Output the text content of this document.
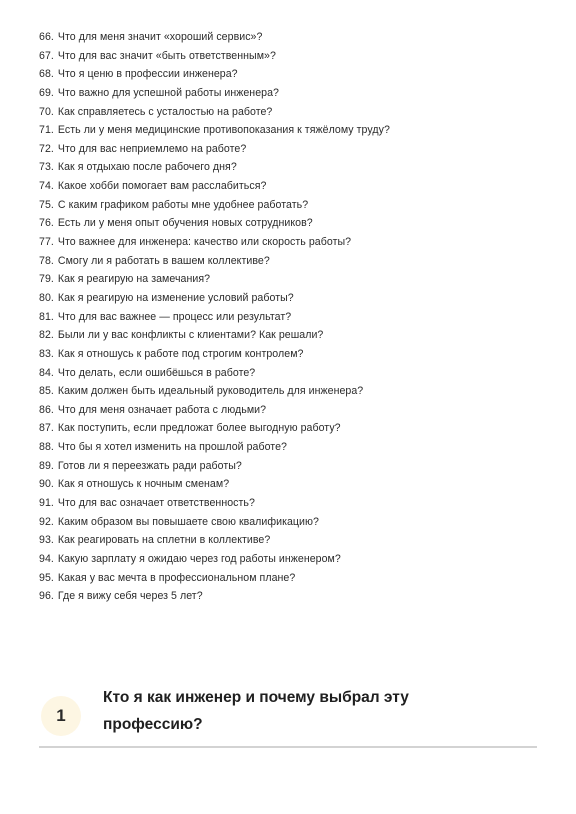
66. Что для меня значит «хороший сервис»?
67. Что для вас значит «быть ответственным»?
68. Что я ценю в профессии инженера?
69. Что важно для успешной работы инженера?
70. Как справляетесь с усталостью на работе?
71. Есть ли у меня медицинские противопоказания к тяжёлому труду?
72. Что для вас неприемлемо на работе?
73. Как я отдыхаю после рабочего дня?
74. Какое хобби помогает вам расслабиться?
75. С каким графиком работы мне удобнее работать?
76. Есть ли у меня опыт обучения новых сотрудников?
77. Что важнее для инженера: качество или скорость работы?
78. Смогу ли я работать в вашем коллективе?
79. Как я реагирую на замечания?
80. Как я реагирую на изменение условий работы?
81. Что для вас важнее — процесс или результат?
82. Были ли у вас конфликты с клиентами? Как решали?
83. Как я отношусь к работе под строгим контролем?
84. Что делать, если ошибёшься в работе?
85. Каким должен быть идеальный руководитель для инженера?
86. Что для меня означает работа с людьми?
87. Как поступить, если предложат более выгодную работу?
88. Что бы я хотел изменить на прошлой работе?
89. Готов ли я переезжать ради работы?
90. Как я отношусь к ночным сменам?
91. Что для вас означает ответственность?
92. Каким образом вы повышаете свою квалификацию?
93. Как реагировать на сплетни в коллективе?
94. Какую зарплату я ожидаю через год работы инженером?
95. Какая у вас мечта в профессиональном плане?
96. Где я вижу себя через 5 лет?
1
Кто я как инженер и почему выбрал эту профессию?
